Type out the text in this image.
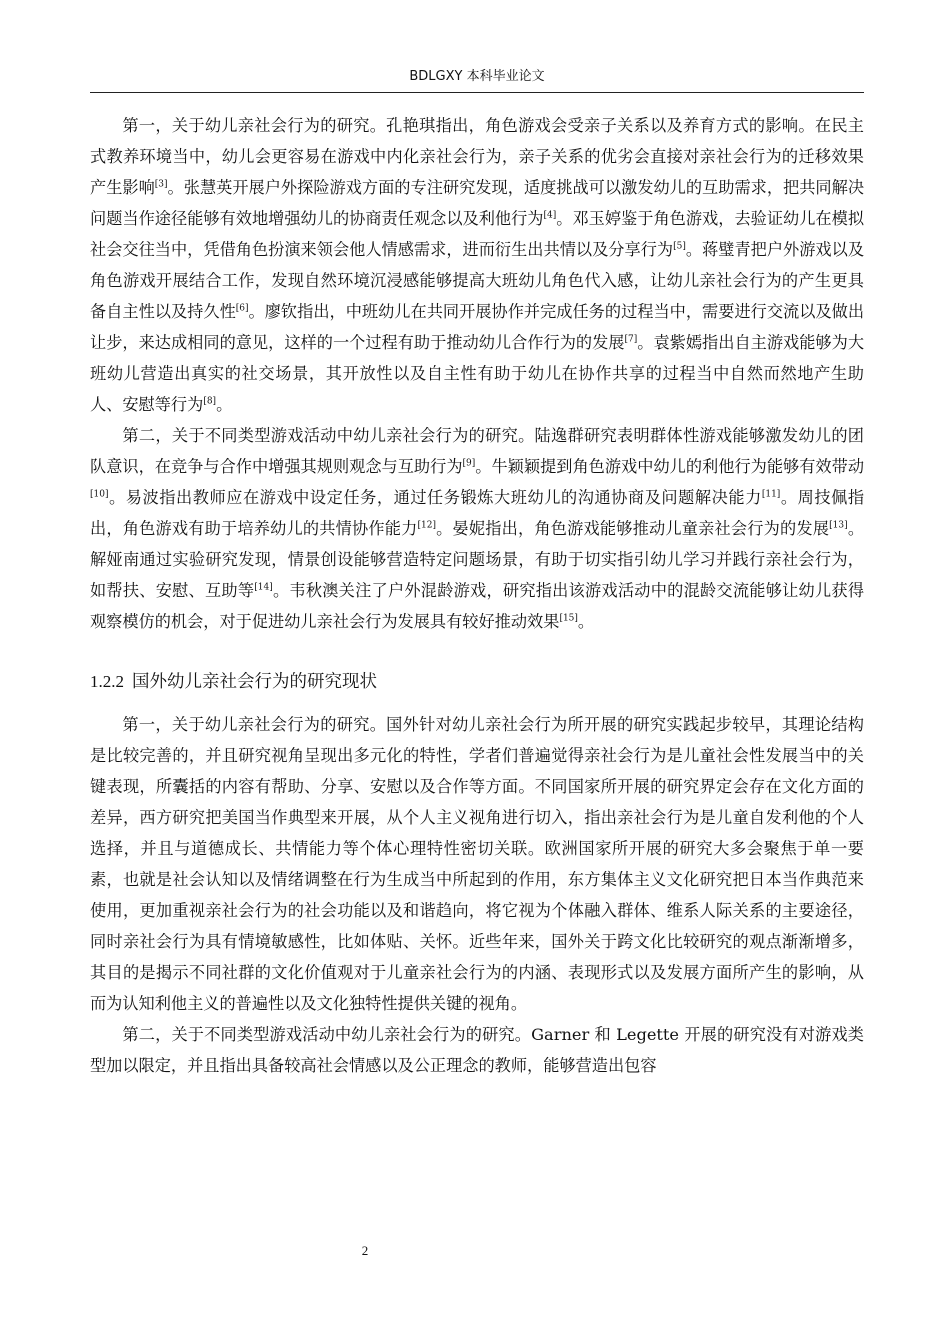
BDLGXY 本科毕业论文

第一，关于幼儿亲社会行为的研究。孔艳琪指出，角色游戏会受亲子关系以及养育方式的影响。在民主式教养环境当中，幼儿会更容易在游戏中内化亲社会行为，亲子关系的优劣会直接对亲社会行为的迁移效果产生影响[3]。张慧英开展户外探险游戏方面的专注研究发现，适度挑战可以激发幼儿的互助需求，把共同解决问题当作途径能够有效地增强幼儿的协商责任观念以及利他行为[4]。邓玉婷鉴于角色游戏，去验证幼儿在模拟社会交往当中，凭借角色扮演来领会他人情感需求，进而衍生出共情以及分享行为[5]。蒋璧青把户外游戏以及角色游戏开展结合工作，发现自然环境沉浸感能够提高大班幼儿角色代入感，让幼儿亲社会行为的产生更具备自主性以及持久性[6]。廖钦指出，中班幼儿在共同开展协作并完成任务的过程当中，需要进行交流以及做出让步，来达成相同的意见，这样的一个过程有助于推动幼儿合作行为的发展[7]。袁紫嫣指出自主游戏能够为大班幼儿营造出真实的社交场景，其开放性以及自主性有助于幼儿在协作共享的过程当中自然而然地产生助人、安慰等行为[8]。

第二，关于不同类型游戏活动中幼儿亲社会行为的研究。陆逸群研究表明群体性游戏能够激发幼儿的团队意识，在竞争与合作中增强其规则观念与互助行为[9]。牛颖颖提到角色游戏中幼儿的利他行为能够有效带动[10]。易波指出教师应在游戏中设定任务，通过任务锻炼大班幼儿的沟通协商及问题解决能力[11]。周技佩指出，角色游戏有助于培养幼儿的共情协作能力[12]。晏妮指出，角色游戏能够推动儿童亲社会行为的发展[13]。解娅南通过实验研究发现，情景创设能够营造特定问题场景，有助于切实指引幼儿学习并践行亲社会行为，如帮扶、安慰、互助等[14]。韦秋澳关注了户外混龄游戏，研究指出该游戏活动中的混龄交流能够让幼儿获得观察模仿的机会，对于促进幼儿亲社会行为发展具有较好推动效果[15]。

1.2.2 国外幼儿亲社会行为的研究现状

第一，关于幼儿亲社会行为的研究。国外针对幼儿亲社会行为所开展的研究实践起步较早，其理论结构是比较完善的，并且研究视角呈现出多元化的特性，学者们普遍觉得亲社会行为是儿童社会性发展当中的关键表现，所囊括的内容有帮助、分享、安慰以及合作等方面。不同国家所开展的研究界定会存在文化方面的差异，西方研究把美国当作典型来开展，从个人主义视角进行切入，指出亲社会行为是儿童自发利他的个人选择，并且与道德成长、共情能力等个体心理特性密切关联。欧洲国家所开展的研究大多会聚焦于单一要素，也就是社会认知以及情绪调整在行为生成当中所起到的作用，东方集体主义文化研究把日本当作典范来使用，更加重视亲社会行为的社会功能以及和谐趋向，将它视为个体融入群体、维系人际关系的主要途径，同时亲社会行为具有情境敏感性，比如体贴、关怀。近些年来，国外关于跨文化比较研究的观点渐渐增多，其目的是揭示不同社群的文化价值观对于儿童亲社会行为的内涵、表现形式以及发展方面所产生的影响，从而为认知利他主义的普遍性以及文化独特性提供关键的视角。

第二，关于不同类型游戏活动中幼儿亲社会行为的研究。Garner 和 Legette 开展的研究没有对游戏类型加以限定，并且指出具备较高社会情感以及公正理念的教师，能够营造出包容

2
